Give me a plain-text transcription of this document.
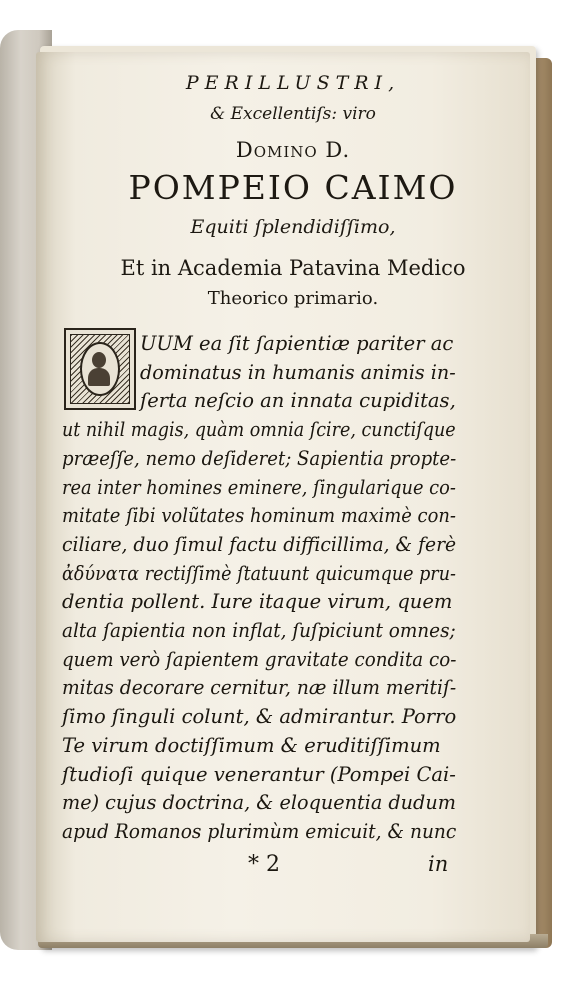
PERILLUSTRI,
& Excellentiſs: viro
Domino D.
POMPEIO CAIMO
Equiti ſplendidiſſimo,
Et in Academia Patavina Medico
Theorico primario.
UUM ea ſit ſapientiæ pariter ac
dominatus in humanis animis in-
ſerta neſcio an innata cupiditas,
ut nihil magis, quàm omnia ſcire, cunctiſque
præeſſe, nemo deſideret; Sapientia propte-
rea inter homines eminere, ſingularique co-
mitate ſibi volũtates hominum maximè con-
ciliare, duo ſimul factu difficillima, & ferè
ἀδύνατα rectiſſimè ſtatuunt quicumque pru-
dentia pollent. Iure itaque virum, quem
alta ſapientia non inflat, ſuſpiciunt omnes;
quem verò ſapientem gravitate condita co-
mitas decorare cernitur, næ illum meritiſ-
ſimo ſinguli colunt, & admirantur. Porro
Te virum doctiſſimum & eruditiſſimum
ſtudioſi quique venerantur (Pompei Cai-
me) cujus doctrina, & eloquentia dudum
apud Romanos plurimùm emicuit, & nunc
* 2	in
